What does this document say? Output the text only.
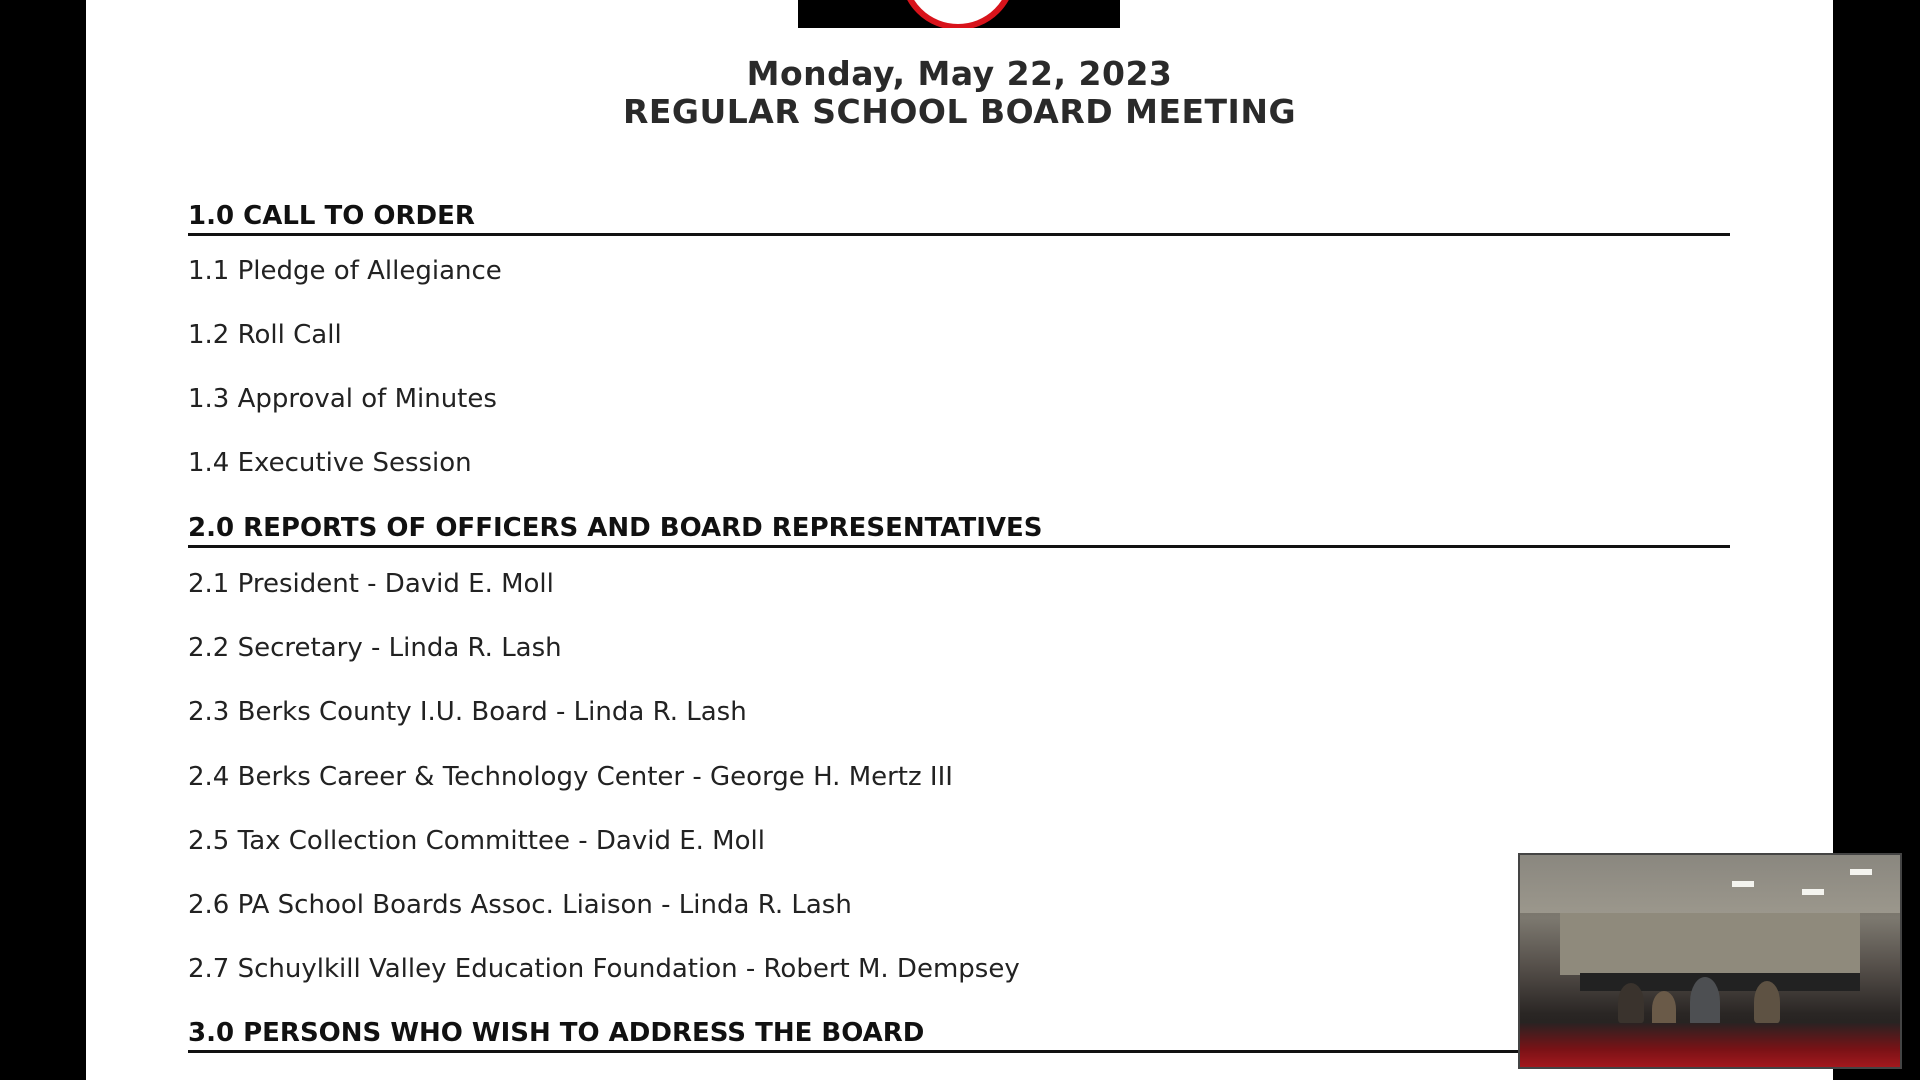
Monday, May 22, 2023
REGULAR SCHOOL BOARD MEETING
1.0 CALL TO ORDER
1.1 Pledge of Allegiance
1.2 Roll Call
1.3 Approval of Minutes
1.4 Executive Session
2.0 REPORTS OF OFFICERS AND BOARD REPRESENTATIVES
2.1 President - David E. Moll
2.2 Secretary - Linda R. Lash
2.3 Berks County I.U. Board - Linda R. Lash
2.4 Berks Career & Technology Center - George H. Mertz III
2.5 Tax Collection Committee - David E. Moll
2.6 PA School Boards Assoc. Liaison - Linda R. Lash
2.7 Schuylkill Valley Education Foundation - Robert M. Dempsey
3.0 PERSONS WHO WISH TO ADDRESS THE BOARD
